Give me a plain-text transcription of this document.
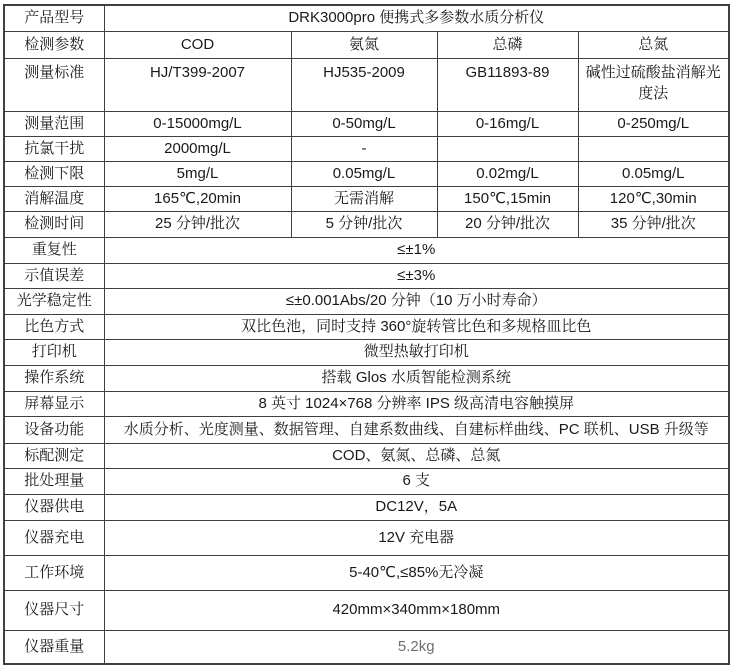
产品型号	DRK3000pro 便携式多参数水质分析仪			
检测参数	COD	氨氮	总磷	总氮
测量标准	HJ/T399-2007	HJ535-2009	GB11893-89	碱性过硫酸盐消解光度法
测量范围	0-15000mg/L	0-50mg/L	0-16mg/L	0-250mg/L
抗氯干扰	2000mg/L	-		
检测下限	5mg/L	0.05mg/L	0.02mg/L	0.05mg/L
消解温度	165℃,20min	无需消解	150℃,15min	120℃,30min
检测时间	25 分钟/批次	5 分钟/批次	20 分钟/批次	35 分钟/批次
重复性	≤±1%			
示值误差	≤±3%			
光学稳定性	≤±0.001Abs/20 分钟（10 万小时寿命）			
比色方式	双比色池，同时支持 360°旋转管比色和多规格皿比色			
打印机	微型热敏打印机			
操作系统	搭载 Glos 水质智能检测系统			
屏幕显示	8 英寸 1024×768 分辨率 IPS 级高清电容触摸屏			
设备功能	水质分析、光度测量、数据管理、自建系数曲线、自建标样曲线、PC 联机、USB 升级等			
标配测定	COD、氨氮、总磷、总氮			
批处理量	6 支			
仪器供电	DC12V，5A			
仪器充电	12V 充电器			
工作环境	5-40℃,≤85%无冷凝			
仪器尺寸	420mm×340mm×180mm			
仪器重量	5.2kg			
